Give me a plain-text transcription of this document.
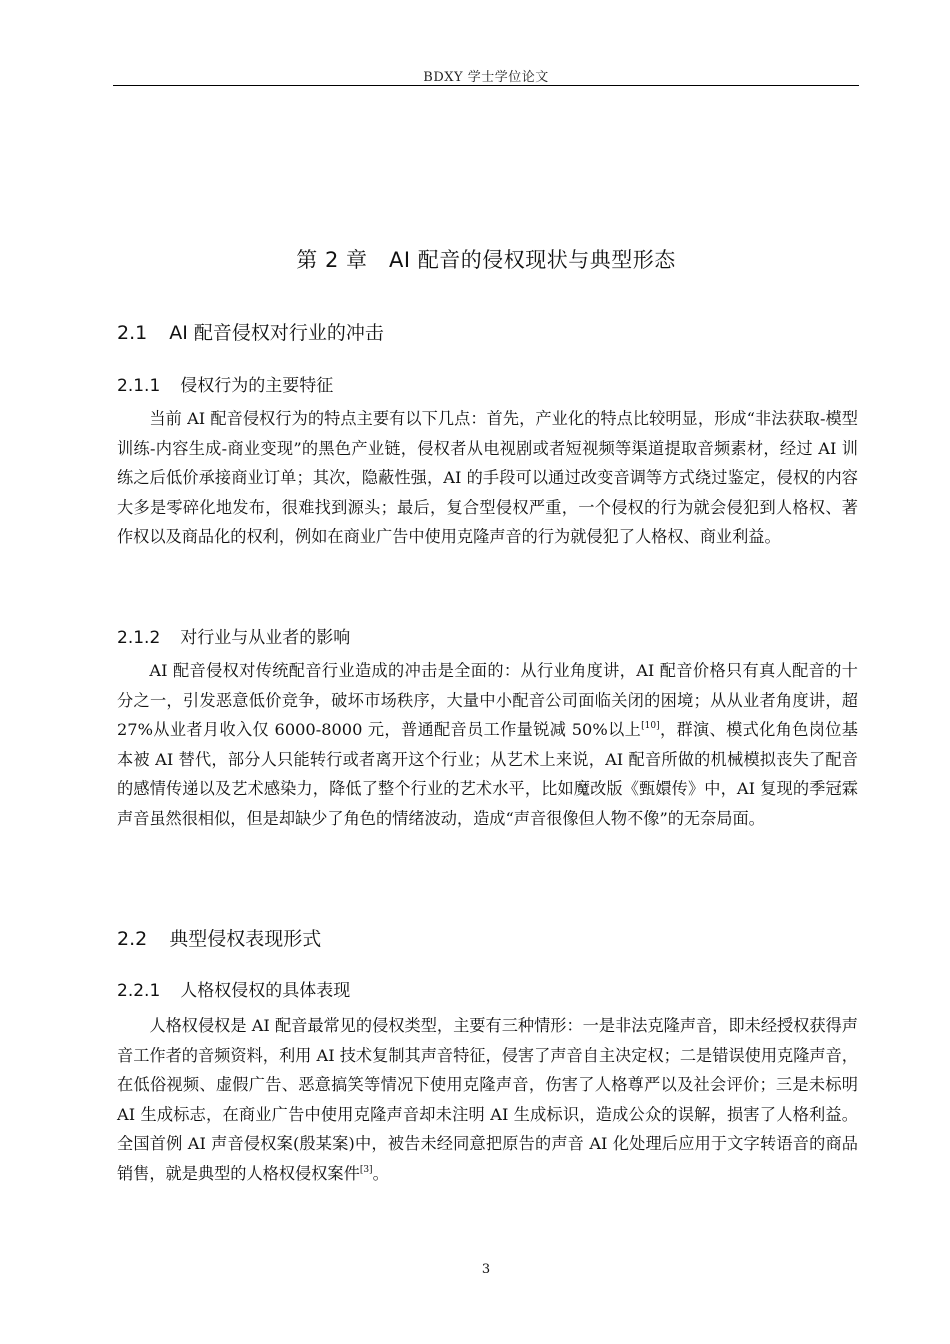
BDXY 学士学位论文
第 2 章　AI 配音的侵权现状与典型形态
2.1 AI 配音侵权对行业的冲击
2.1.1 侵权行为的主要特征

当前 AI 配音侵权行为的特点主要有以下几点：首先，产业化的特点比较明显，形成“非法获取-模型训练-内容生成-商业变现”的黑色产业链，侵权者从电视剧或者短视频等渠道提取音频素材，经过 AI 训练之后低价承接商业订单；其次，隐蔽性强，AI 的手段可以通过改变音调等方式绕过鉴定，侵权的内容大多是零碎化地发布，很难找到源头；最后，复合型侵权严重，一个侵权的行为就会侵犯到人格权、著作权以及商品化的权利，例如在商业广告中使用克隆声音的行为就侵犯了人格权、商业利益。

2.1.2 对行业与从业者的影响

AI 配音侵权对传统配音行业造成的冲击是全面的：从行业角度讲，AI 配音价格只有真人配音的十分之一，引发恶意低价竞争，破坏市场秩序，大量中小配音公司面临关闭的困境；从从业者角度讲，超 27%从业者月收入仅 6000-8000 元，普通配音员工作量锐减 50%以上[10]，群演、模式化角色岗位基本被 AI 替代，部分人只能转行或者离开这个行业；从艺术上来说，AI 配音所做的机械模拟丧失了配音的感情传递以及艺术感染力，降低了整个行业的艺术水平，比如魔改版《甄嬛传》中，AI 复现的季冠霖声音虽然很相似，但是却缺少了角色的情绪波动，造成“声音很像但人物不像”的无奈局面。

2.2 典型侵权表现形式
2.2.1 人格权侵权的具体表现

人格权侵权是 AI 配音最常见的侵权类型，主要有三种情形：一是非法克隆声音，即未经授权获得声音工作者的音频资料，利用 AI 技术复制其声音特征，侵害了声音自主决定权；二是错误使用克隆声音，在低俗视频、虚假广告、恶意搞笑等情况下使用克隆声音，伤害了人格尊严以及社会评价；三是未标明 AI 生成标志，在商业广告中使用克隆声音却未注明 AI 生成标识，造成公众的误解，损害了人格利益。全国首例 AI 声音侵权案(殷某案)中，被告未经同意把原告的声音 AI 化处理后应用于文字转语音的商品销售，就是典型的人格权侵权案件[3]。

3
